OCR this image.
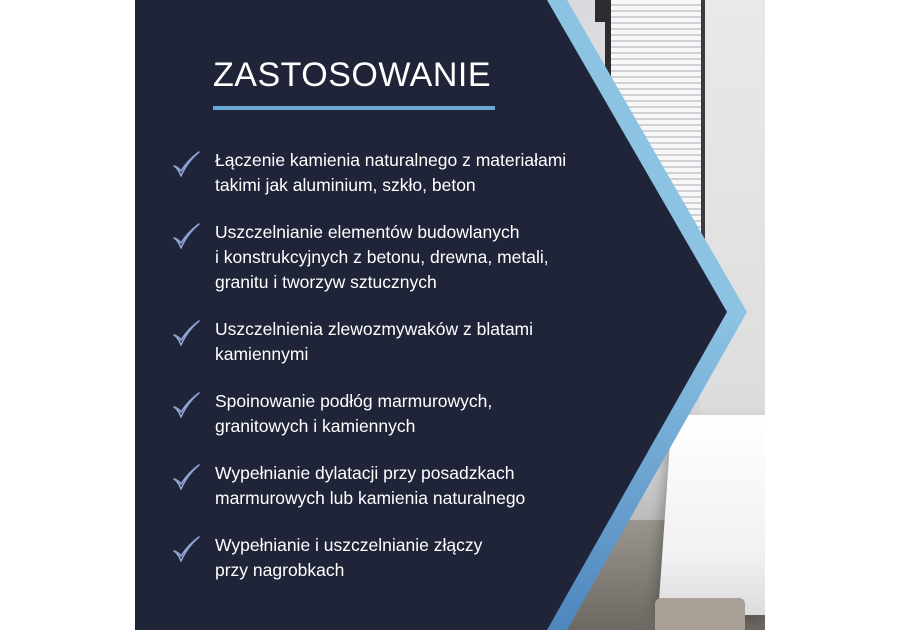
ZASTOSOWANIE
Łączenie kamienia naturalnego z materiałami
takimi jak aluminium, szkło, beton
Uszczelnianie elementów budowlanych
i konstrukcyjnych z betonu, drewna, metali,
granitu i tworzyw sztucznych
Uszczelnienia zlewozmywaków z blatami
kamiennymi
Spoinowanie podłóg marmurowych,
granitowych i kamiennych
Wypełnianie dylatacji przy posadzkach
marmurowych lub kamienia naturalnego
Wypełnianie i uszczelnianie złączy
przy nagrobkach
